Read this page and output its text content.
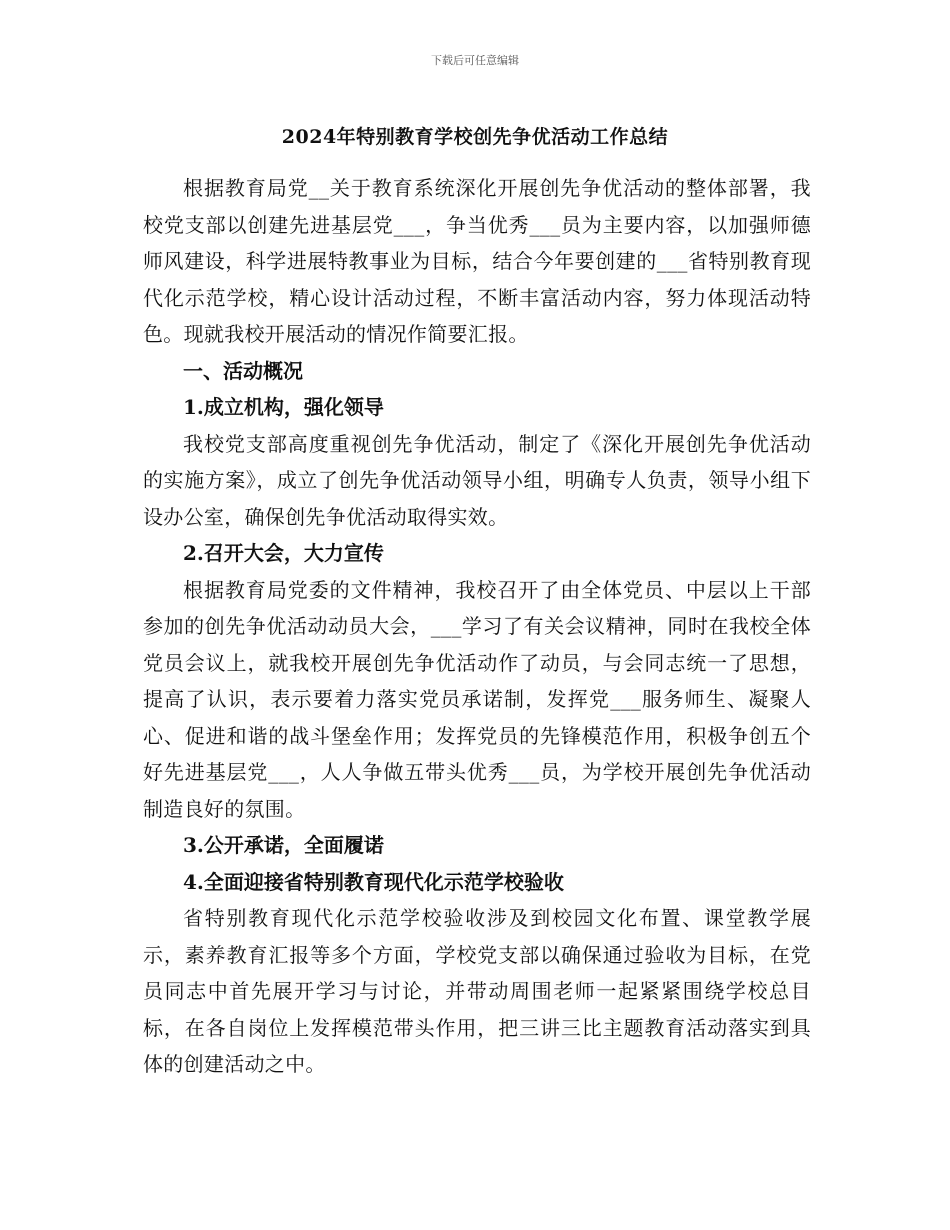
下载后可任意编辑
2024年特别教育学校创先争优活动工作总结

根据教育局党__关于教育系统深化开展创先争优活动的整体部署，我校党支部以创建先进基层党___，争当优秀___员为主要内容，以加强师德师风建设，科学进展特教事业为目标，结合今年要创建的___省特别教育现代化示范学校，精心设计活动过程，不断丰富活动内容，努力体现活动特色。现就我校开展活动的情况作简要汇报。

一、活动概况

1.成立机构，强化领导

我校党支部高度重视创先争优活动，制定了《深化开展创先争优活动的实施方案》，成立了创先争优活动领导小组，明确专人负责，领导小组下设办公室，确保创先争优活动取得实效。

2.召开大会，大力宣传

根据教育局党委的文件精神，我校召开了由全体党员、中层以上干部参加的创先争优活动动员大会，___学习了有关会议精神，同时在我校全体党员会议上，就我校开展创先争优活动作了动员，与会同志统一了思想，提高了认识，表示要着力落实党员承诺制，发挥党___服务师生、凝聚人心、促进和谐的战斗堡垒作用；发挥党员的先锋模范作用，积极争创五个好先进基层党___，人人争做五带头优秀___员，为学校开展创先争优活动制造良好的氛围。

3.公开承诺，全面履诺

4.全面迎接省特别教育现代化示范学校验收

省特别教育现代化示范学校验收涉及到校园文化布置、课堂教学展示，素养教育汇报等多个方面，学校党支部以确保通过验收为目标，在党员同志中首先展开学习与讨论，并带动周围老师一起紧紧围绕学校总目标，在各自岗位上发挥模范带头作用，把三讲三比主题教育活动落实到具体的创建活动之中。
